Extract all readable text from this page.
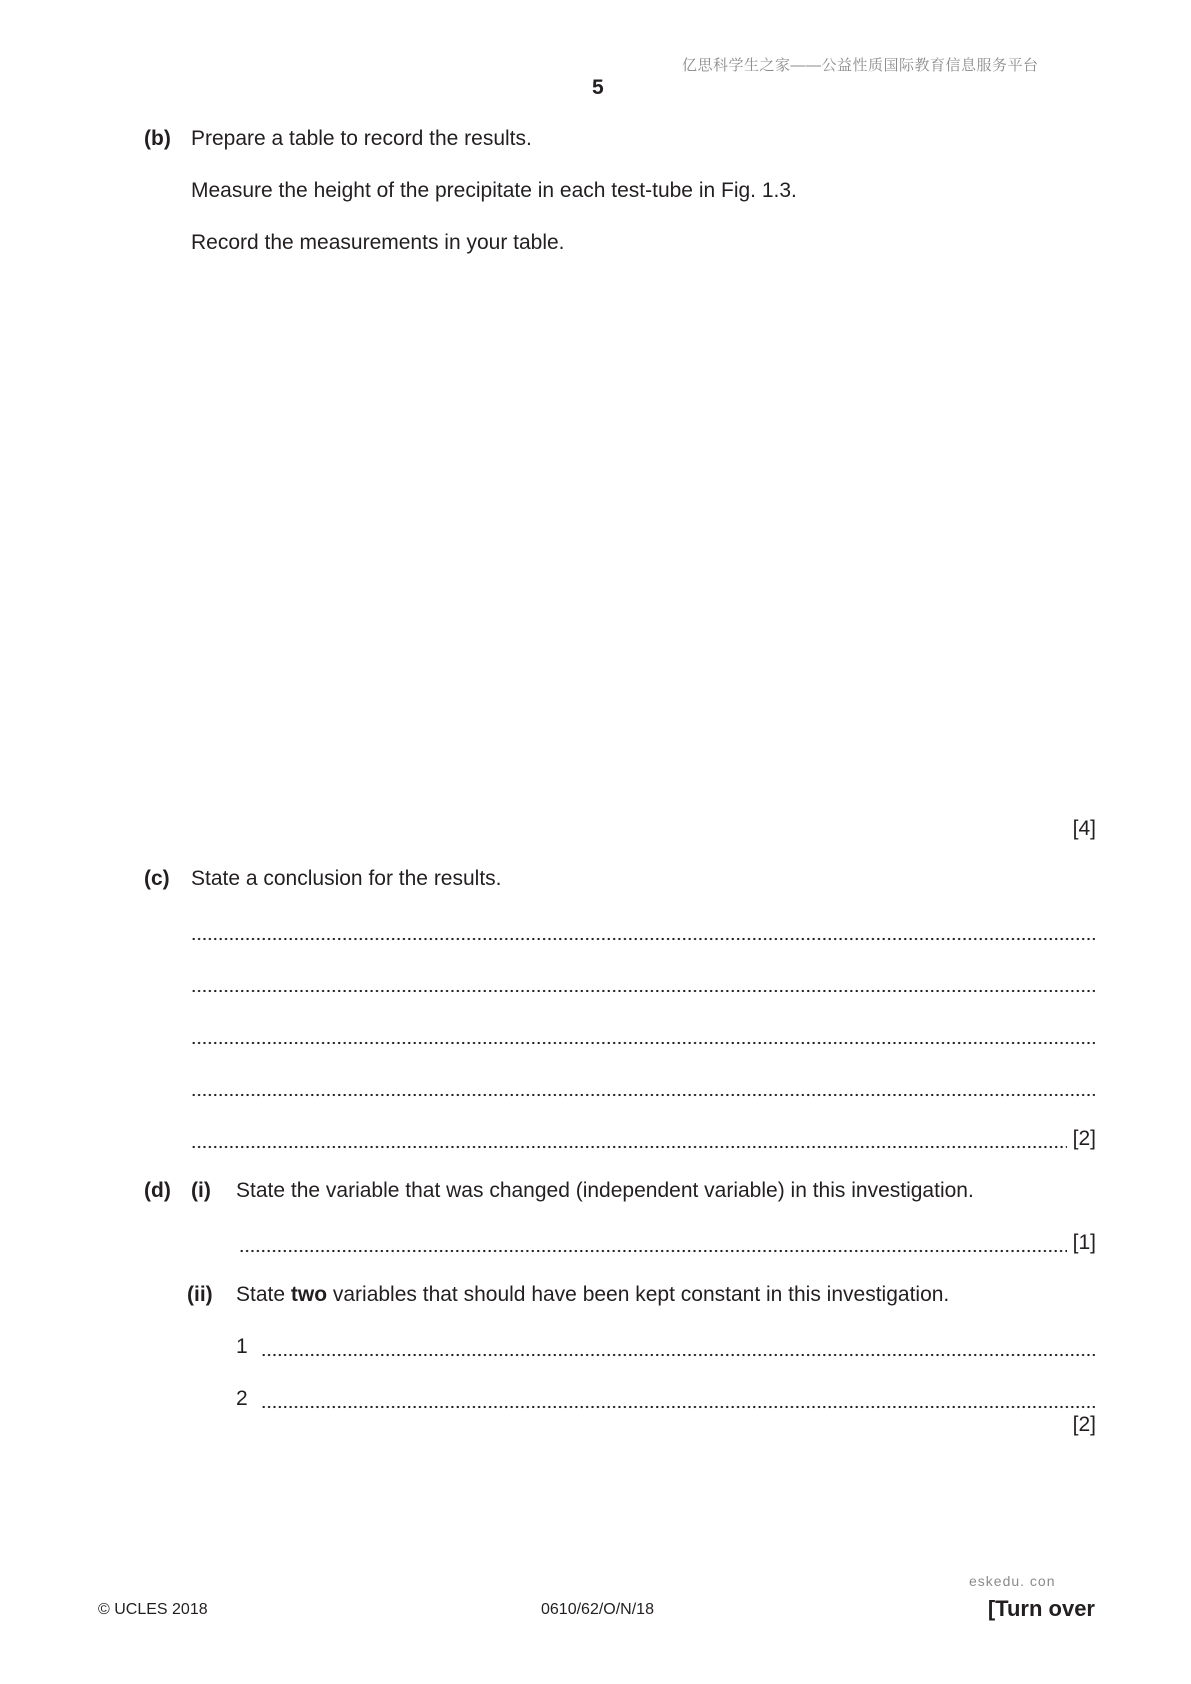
亿思科学生之家——公益性质国际教育信息服务平台
5
(b) Prepare a table to record the results.
Measure the height of the precipitate in each test-tube in Fig. 1.3.
Record the measurements in your table.
[4]
(c) State a conclusion for the results.
[2]
(d) (i) State the variable that was changed (independent variable) in this investigation.
[1]
(ii) State two variables that should have been kept constant in this investigation.
1
2
[2]
eskedu. con
© UCLES 2018	0610/62/O/N/18	[Turn over
